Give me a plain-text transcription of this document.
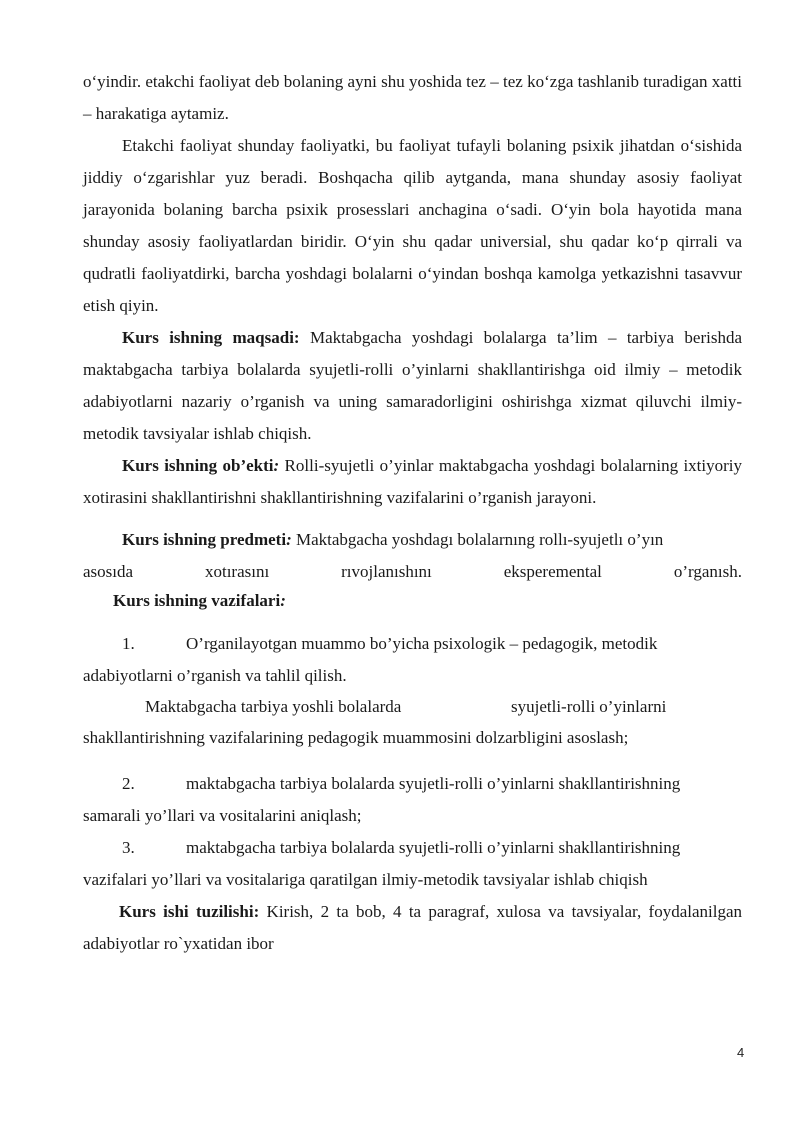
o‘yindir. etakchi faoliyat deb bolaning ayni shu yoshida tez – tez ko‘zga tashlanib turadigan xatti – harakatiga aytamiz.

Etakchi faoliyat shunday faoliyatki, bu faoliyat tufayli bolaning psixik jihatdan o‘sishida jiddiy o‘zgarishlar yuz beradi. Boshqacha qilib aytganda, mana shunday asosiy faoliyat jarayonida bolaning barcha psixik prosesslari anchagina o‘sadi. O‘yin bola hayotida mana shunday asosiy faoliyatlardan biridir. O‘yin shu qadar universial, shu qadar ko‘p qirrali va qudratli faoliyatdirki, barcha yoshdagi bolalarni o‘yindan boshqa kamolga yetkazishni tasavvur etish qiyin.

Kurs ishning maqsadi: Maktabgacha yoshdagi bolalarga ta’lim – tarbiya berishda maktabgacha tarbiya bolalarda syujetli-rolli o’yinlarni shakllantirishga oid ilmiy – metodik adabiyotlarni nazariy o’rganish va uning samaradorligini oshirishga xizmat qiluvchi ilmiy-metodik tavsiyalar ishlab chiqish.

Kurs ishning ob’ekti: Rolli-syujetli o’yinlar maktabgacha yoshdagi bolalarning ixtiyoriy xotirasini shakllantirishni shakllantirishning vazifalarini o’rganish jarayoni.

Kurs ishning predmeti: Maktabgacha yoshdagı bolalarnıng rollı-syujetlı o’yın

asosıda	xotırasını	rıvojlanıshını	eksperemental	o’rganısh.
Kurs ishning vazifalari:
1.	O’rganilayotgan muammo bo’yicha psixologik – pedagogik, metodik
adabiyotlarni o’rganish va tahlil qilish.
Maktabgacha tarbiya yoshli bolalarda	syujetli-rolli o’yinlarni

shakllantirishning vazifalarining pedagogik muammosini dolzarbligini asoslash;

2.	maktabgacha tarbiya bolalarda syujetli-rolli o’yinlarni shakllantirishning
samarali yo’llari va vositalarini aniqlash;
3.	maktabgacha tarbiya bolalarda syujetli-rolli o’yinlarni shakllantirishning
vazifalari yo’llari va vositalariga qaratilgan ilmiy-metodik tavsiyalar ishlab chiqish

Kurs ishi tuzilishi: Kirish, 2 ta bob, 4 ta paragraf, xulosa va tavsiyalar, foydalanilgan adabiyotlar ro`yxatidan ibor

4
